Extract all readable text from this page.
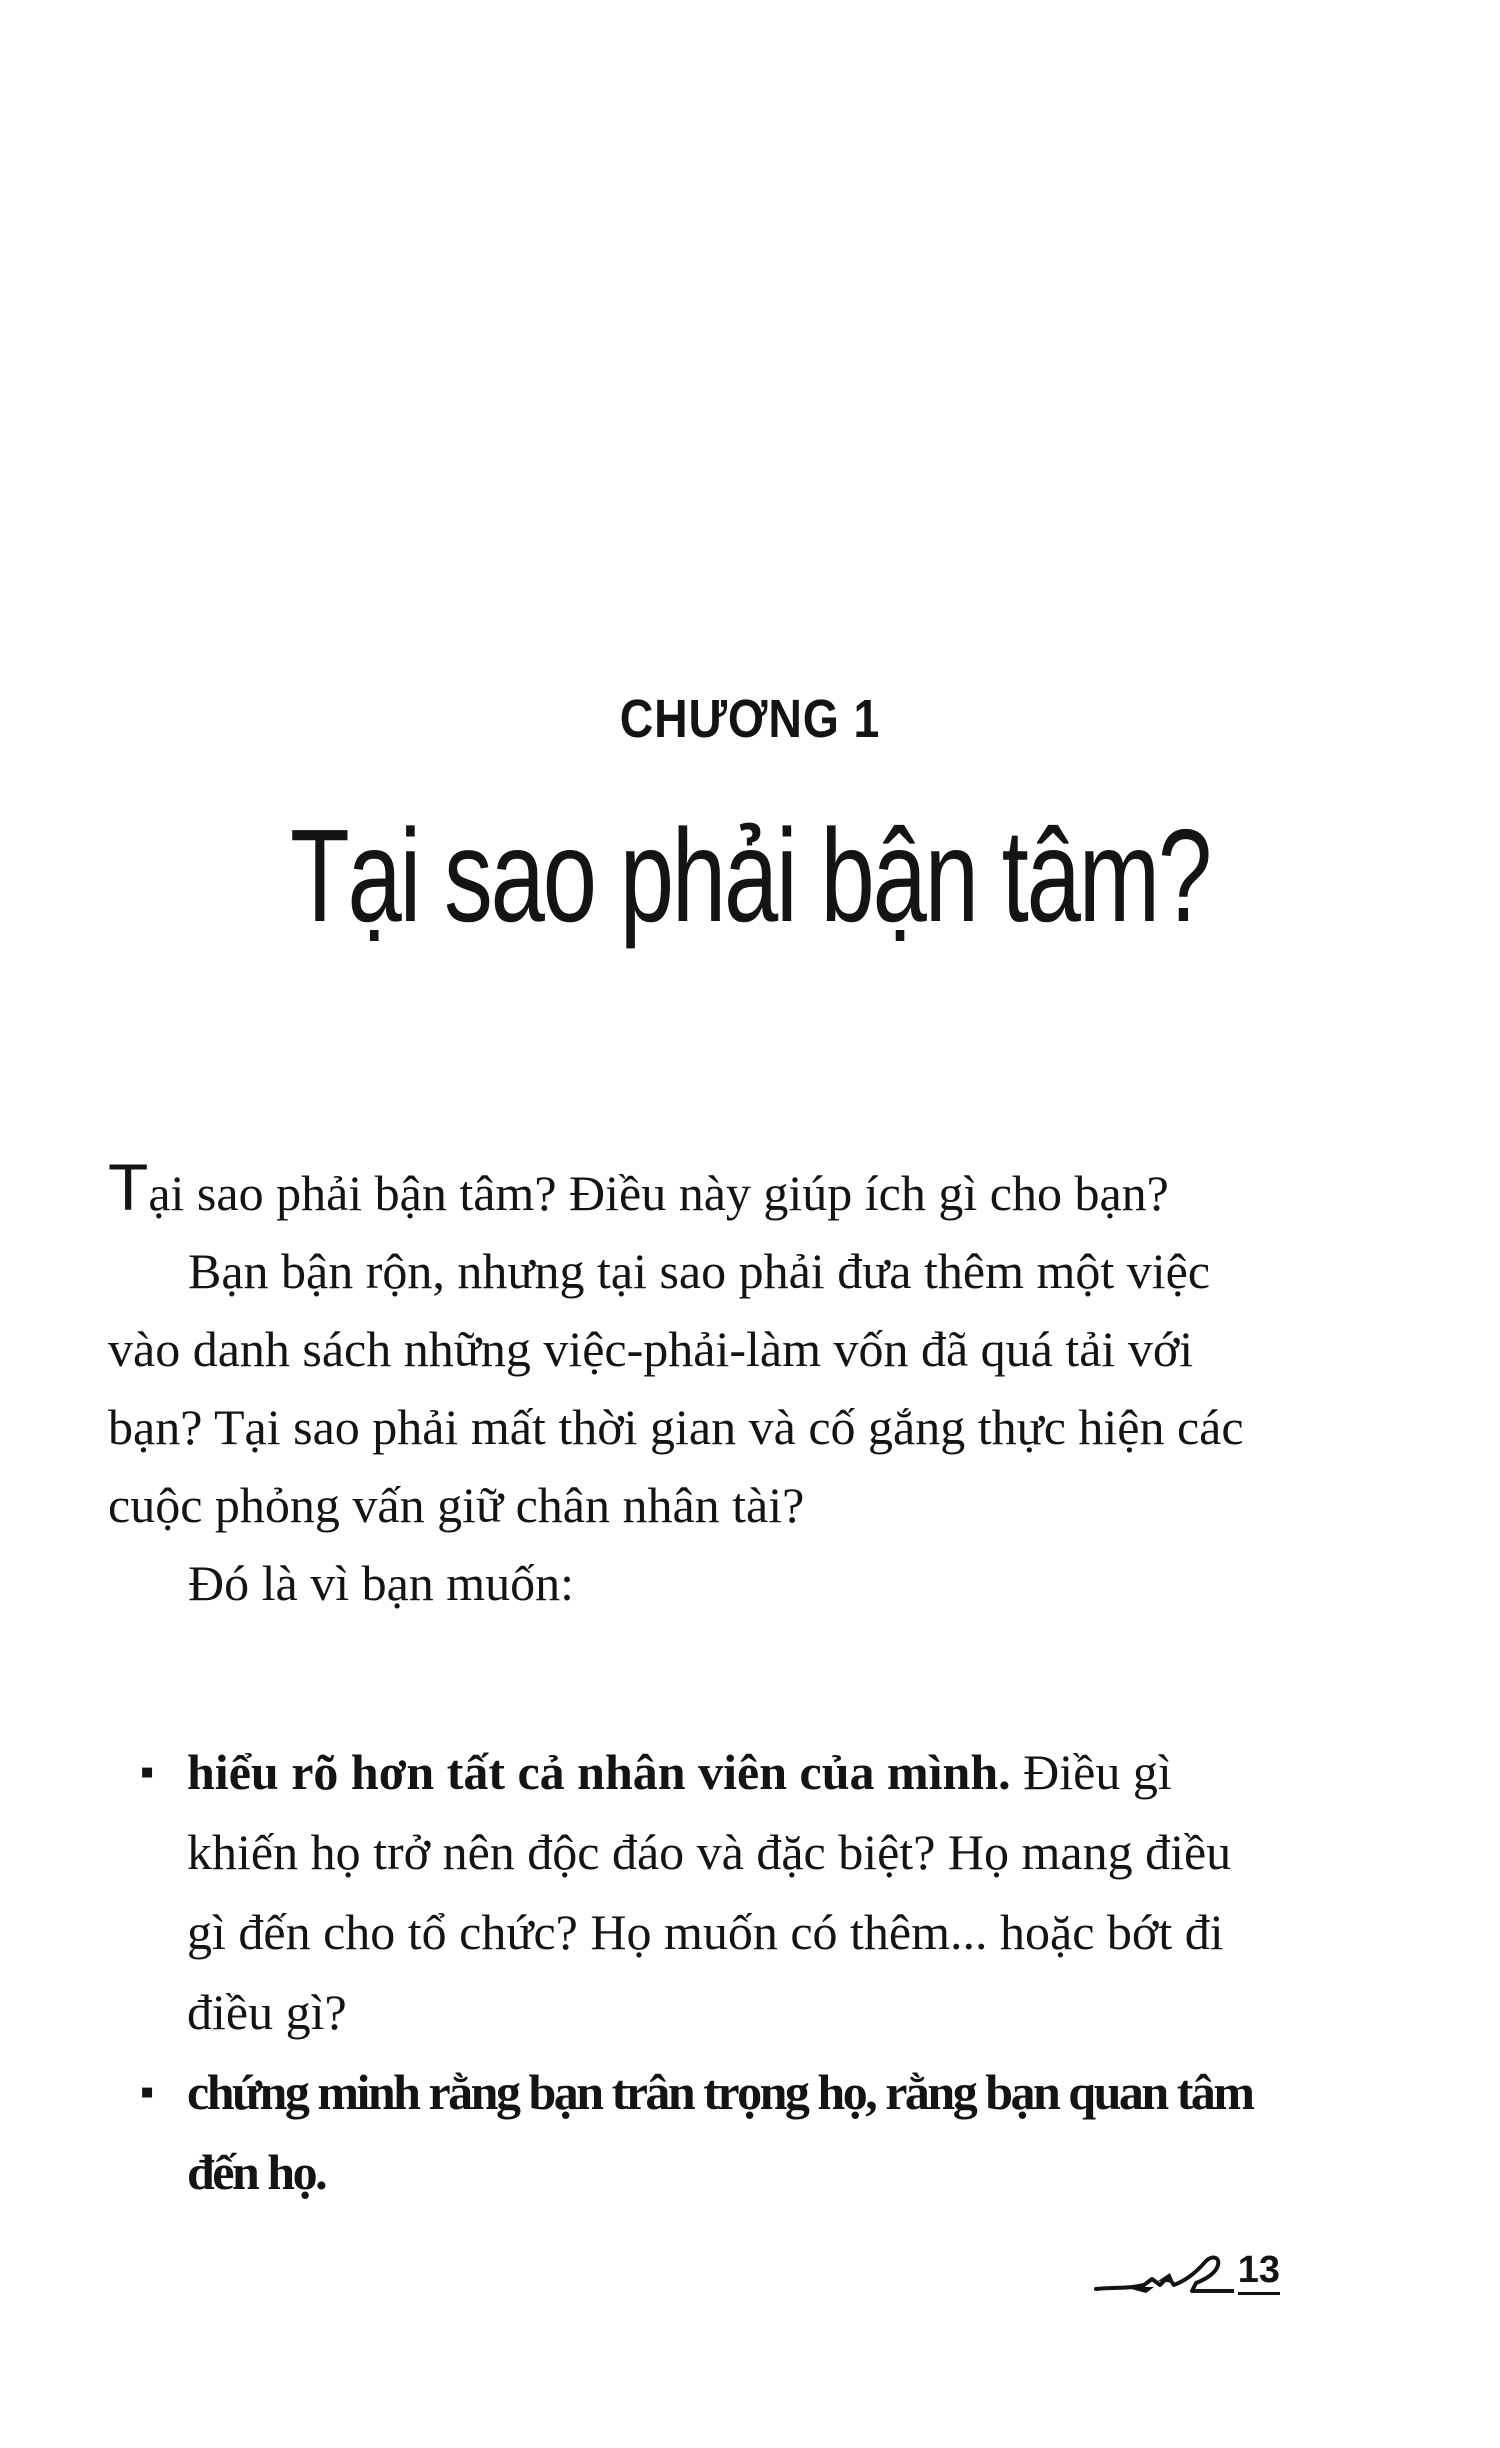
CHƯƠNG 1
Tại sao phải bận tâm?

Tại sao phải bận tâm? Điều này giúp ích gì cho bạn?

Bạn bận rộn, nhưng tại sao phải đưa thêm một việc vào danh sách những việc-phải-làm vốn đã quá tải với bạn? Tại sao phải mất thời gian và cố gắng thực hiện các cuộc phỏng vấn giữ chân nhân tài?

Đó là vì bạn muốn:

▪ hiểu rõ hơn tất cả nhân viên của mình. Điều gì khiến họ trở nên độc đáo và đặc biệt? Họ mang điều gì đến cho tổ chức? Họ muốn có thêm... hoặc bớt đi điều gì?
▪ chứng minh rằng bạn trân trọng họ, rằng bạn quan tâm đến họ.
13
